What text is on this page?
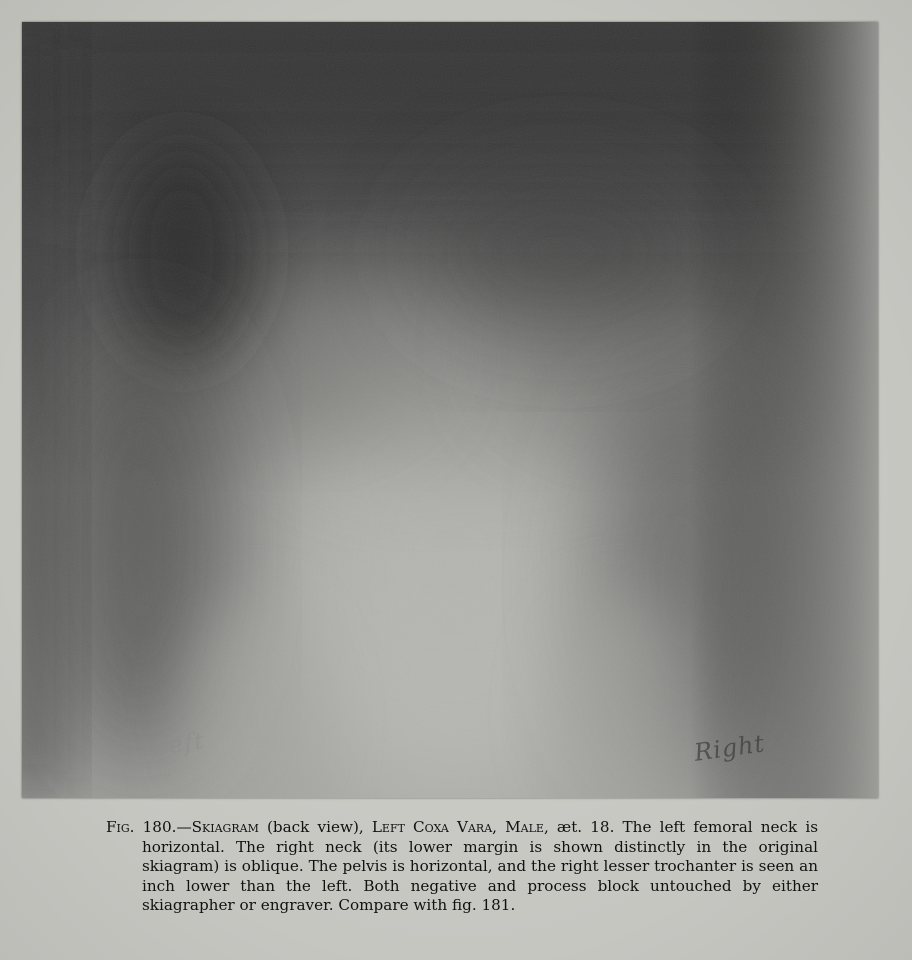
Left	Right
Fig. 180.—Skiagram (back view), Left Coxa Vara, Male, æt. 18. The left femoral neck is horizontal. The right neck (its lower margin is shown distinctly in the original skiagram) is oblique. The pelvis is horizontal, and the right lesser trochanter is seen an inch lower than the left. Both negative and process block untouched by either skiagrapher or engraver. Compare with fig. 181.
